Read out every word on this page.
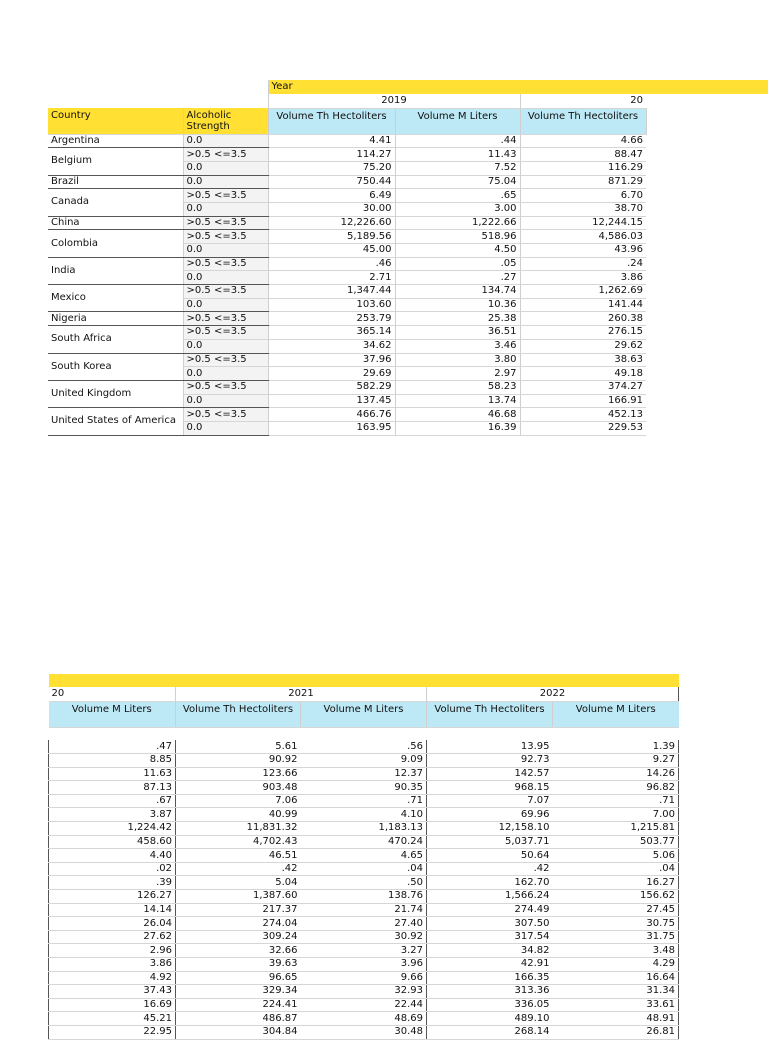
		Year		
		2019		20
Country	Alcoholic Strength	Volume Th Hectoliters	Volume M Liters	Volume Th Hectoliters
Argentina	0.0	4.41	.44	4.66
Belgium	>0.5 <=3.5	114.27	11.43	88.47
	0.0	75.20	7.52	116.29
Brazil	0.0	750.44	75.04	871.29
Canada	>0.5 <=3.5	6.49	.65	6.70
	0.0	30.00	3.00	38.70
China	>0.5 <=3.5	12,226.60	1,222.66	12,244.15
Colombia	>0.5 <=3.5	5,189.56	518.96	4,586.03
	0.0	45.00	4.50	43.96
India	>0.5 <=3.5	.46	.05	.24
	0.0	2.71	.27	3.86
Mexico	>0.5 <=3.5	1,347.44	134.74	1,262.69
	0.0	103.60	10.36	141.44
Nigeria	>0.5 <=3.5	253.79	25.38	260.38
South Africa	>0.5 <=3.5	365.14	36.51	276.15
	0.0	34.62	3.46	29.62
South Korea	>0.5 <=3.5	37.96	3.80	38.63
	0.0	29.69	2.97	49.18
United Kingdom	>0.5 <=3.5	582.29	58.23	374.27
	0.0	137.45	13.74	166.91
United States of America	>0.5 <=3.5	466.76	46.68	452.13
	0.0	163.95	16.39	229.53

20	2021		2022	
Volume M Liters	Volume Th Hectoliters	Volume M Liters	Volume Th Hectoliters	Volume M Liters

.47	5.61	.56	13.95	1.39
8.85	90.92	9.09	92.73	9.27
11.63	123.66	12.37	142.57	14.26
87.13	903.48	90.35	968.15	96.82
.67	7.06	.71	7.07	.71
3.87	40.99	4.10	69.96	7.00
1,224.42	11,831.32	1,183.13	12,158.10	1,215.81
458.60	4,702.43	470.24	5,037.71	503.77
4.40	46.51	4.65	50.64	5.06
.02	.42	.04	.42	.04
.39	5.04	.50	162.70	16.27
126.27	1,387.60	138.76	1,566.24	156.62
14.14	217.37	21.74	274.49	27.45
26.04	274.04	27.40	307.50	30.75
27.62	309.24	30.92	317.54	31.75
2.96	32.66	3.27	34.82	3.48
3.86	39.63	3.96	42.91	4.29
4.92	96.65	9.66	166.35	16.64
37.43	329.34	32.93	313.36	31.34
16.69	224.41	22.44	336.05	33.61
45.21	486.87	48.69	489.10	48.91
22.95	304.84	30.48	268.14	26.81
